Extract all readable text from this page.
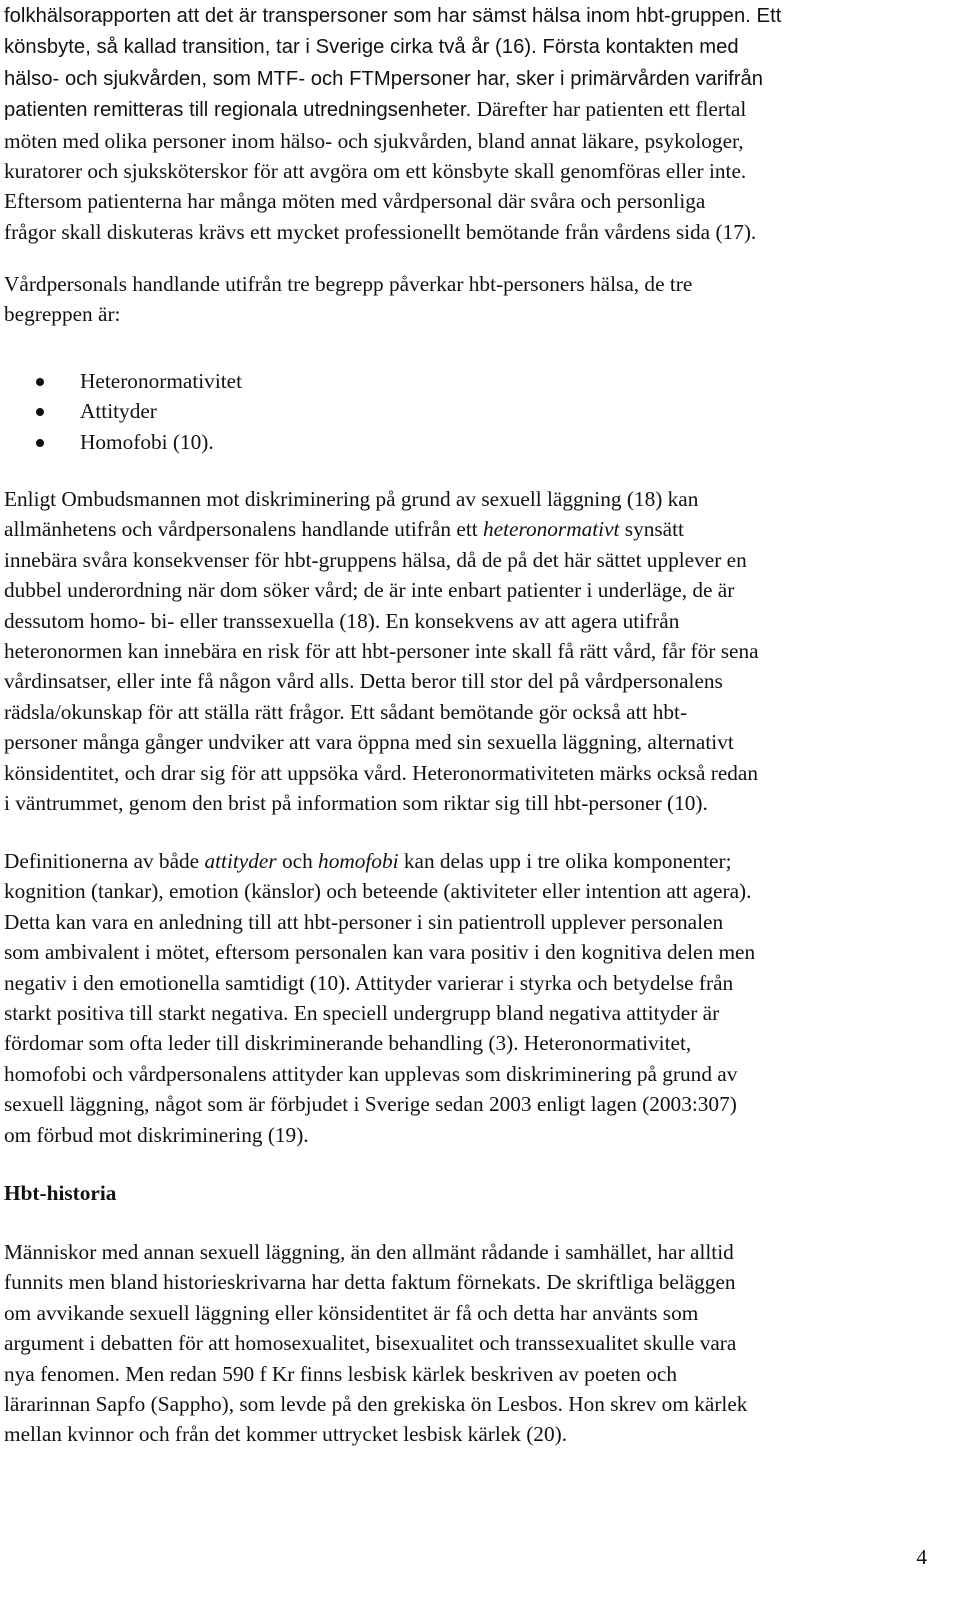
folkhälsorapporten att det är transpersoner som har sämst hälsa inom hbt-gruppen. Ett
könsbyte, så kallad transition, tar i Sverige cirka två år (16). Första kontakten med
hälso- och sjukvården, som MTF- och FTMpersoner har, sker i primärvården varifrån
patienten remitteras till regionala utredningsenheter. Därefter har patienten ett flertal
möten med olika personer inom hälso- och sjukvården, bland annat läkare, psykologer,
kuratorer och sjuksköterskor för att avgöra om ett könsbyte skall genomföras eller inte.
Eftersom patienterna har många möten med vårdpersonal där svåra och personliga
frågor skall diskuteras krävs ett mycket professionellt bemötande från vårdens sida (17).
Vårdpersonals handlande utifrån tre begrepp påverkar hbt-personers hälsa, de tre
begreppen är:
Heteronormativitet
Attityder
Homofobi (10).
Enligt Ombudsmannen mot diskriminering på grund av sexuell läggning (18) kan
allmänhetens och vårdpersonalens handlande utifrån ett heteronormativt synsätt
innebära svåra konsekvenser för hbt-gruppens hälsa, då de på det här sättet upplever en
dubbel underordning när dom söker vård; de är inte enbart patienter i underläge, de är
dessutom homo- bi- eller transsexuella (18). En konsekvens av att agera utifrån
heteronormen kan innebära en risk för att hbt-personer inte skall få rätt vård, får för sena
vårdinsatser, eller inte få någon vård alls. Detta beror till stor del på vårdpersonalens
rädsla/okunskap för att ställa rätt frågor. Ett sådant bemötande gör också att hbt-
personer många gånger undviker att vara öppna med sin sexuella läggning, alternativt
könsidentitet, och drar sig för att uppsöka vård. Heteronormativiteten märks också redan
i väntrummet, genom den brist på information som riktar sig till hbt-personer (10).
Definitionerna av både attityder och homofobi kan delas upp i tre olika komponenter;
kognition (tankar), emotion (känslor) och beteende (aktiviteter eller intention att agera).
Detta kan vara en anledning till att hbt-personer i sin patientroll upplever personalen
som ambivalent i mötet, eftersom personalen kan vara positiv i den kognitiva delen men
negativ i den emotionella samtidigt (10). Attityder varierar i styrka och betydelse från
starkt positiva till starkt negativa. En speciell undergrupp bland negativa attityder är
fördomar som ofta leder till diskriminerande behandling (3). Heteronormativitet,
homofobi och vårdpersonalens attityder kan upplevas som diskriminering på grund av
sexuell läggning, något som är förbjudet i Sverige sedan 2003 enligt lagen (2003:307)
om förbud mot diskriminering (19).
Hbt-historia
Människor med annan sexuell läggning, än den allmänt rådande i samhället, har alltid
funnits men bland historieskrivarna har detta faktum förnekats. De skriftliga beläggen
om avvikande sexuell läggning eller könsidentitet är få och detta har använts som
argument i debatten för att homosexualitet, bisexualitet och transsexualitet skulle vara
nya fenomen. Men redan 590 f Kr finns lesbisk kärlek beskriven av poeten och
lärarinnan Sapfo (Sappho), som levde på den grekiska ön Lesbos. Hon skrev om kärlek
mellan kvinnor och från det kommer uttrycket lesbisk kärlek (20).
4
